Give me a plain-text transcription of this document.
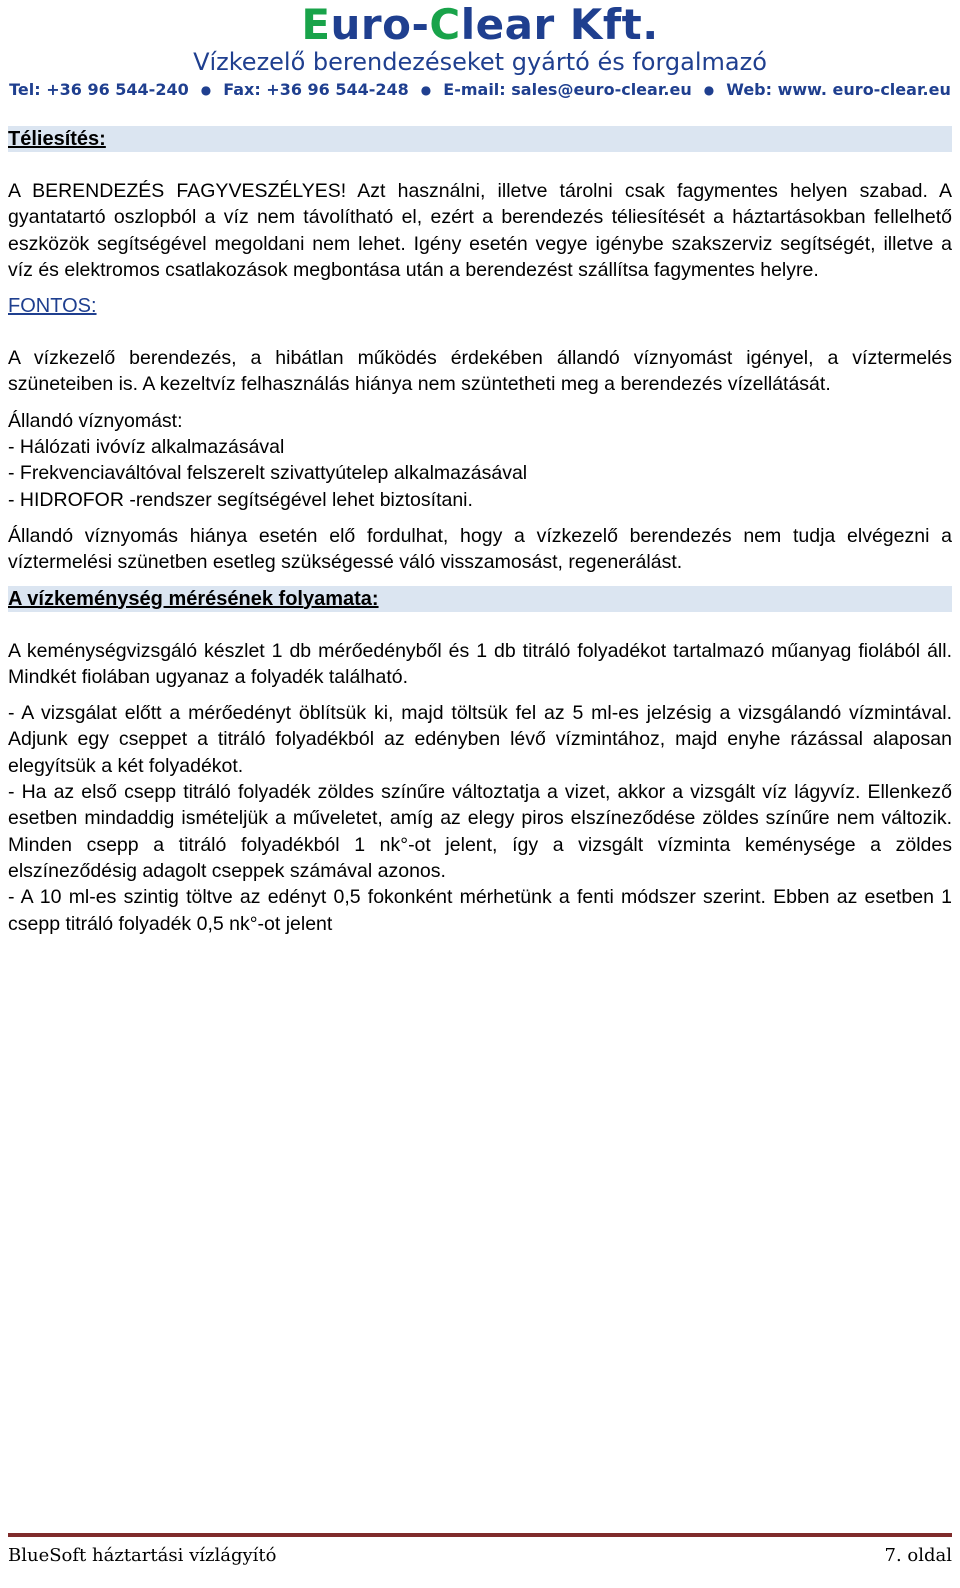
Euro-Clear Kft.
Vízkezelő berendezéseket gyártó és forgalmazó
Tel: +36 96 544-240 ● Fax: +36 96 544-248 ● E-mail: sales@euro-clear.eu ● Web: www. euro-clear.eu
Téliesítés:

A BERENDEZÉS FAGYVESZÉLYES! Azt használni, illetve tárolni csak fagymentes helyen szabad. A gyantatartó oszlopból a víz nem távolítható el, ezért a berendezés téliesítését a háztartásokban fellelhető eszközök segítségével megoldani nem lehet. Igény esetén vegye igénybe szakszerviz segítségét, illetve a víz és elektromos csatlakozások megbontása után a berendezést szállítsa fagymentes helyre.

FONTOS:

A vízkezelő berendezés, a hibátlan működés érdekében állandó víznyomást igényel, a víztermelés szüneteiben is. A kezeltvíz felhasználás hiánya nem szüntetheti meg a berendezés vízellátását.

Állandó víznyomást:

- Hálózati ivóvíz alkalmazásával

- Frekvenciaváltóval felszerelt szivattyútelep alkalmazásával

- HIDROFOR -rendszer segítségével lehet biztosítani.

Állandó víznyomás hiánya esetén elő fordulhat, hogy a vízkezelő berendezés nem tudja elvégezni a víztermelési szünetben esetleg szükségessé váló visszamosást, regenerálást.

A vízkeménység mérésének folyamata:

A keménységvizsgáló készlet 1 db mérőedényből és 1 db titráló folyadékot tartalmazó műanyag fiolából áll. Mindkét fiolában ugyanaz a folyadék található.

- A vizsgálat előtt a mérőedényt öblítsük ki, majd töltsük fel az 5 ml-es jelzésig a vizsgálandó vízmintával. Adjunk egy cseppet a titráló folyadékból az edényben lévő vízmintához, majd enyhe rázással alaposan elegyítsük a két folyadékot.

- Ha az első csepp titráló folyadék zöldes színűre változtatja a vizet, akkor a vizsgált víz lágyvíz. Ellenkező esetben mindaddig ismételjük a műveletet, amíg az elegy piros elszíneződése zöldes színűre nem változik. Minden csepp a titráló folyadékból 1 nk°-ot jelent, így a vizsgált vízminta keménysége a zöldes elszíneződésig adagolt cseppek számával azonos.

- A 10 ml-es szintig töltve az edényt 0,5 fokonként mérhetünk a fenti módszer szerint. Ebben az esetben 1 csepp titráló folyadék 0,5 nk°-ot jelent

BlueSoft háztartási vízlágyító	7. oldal
